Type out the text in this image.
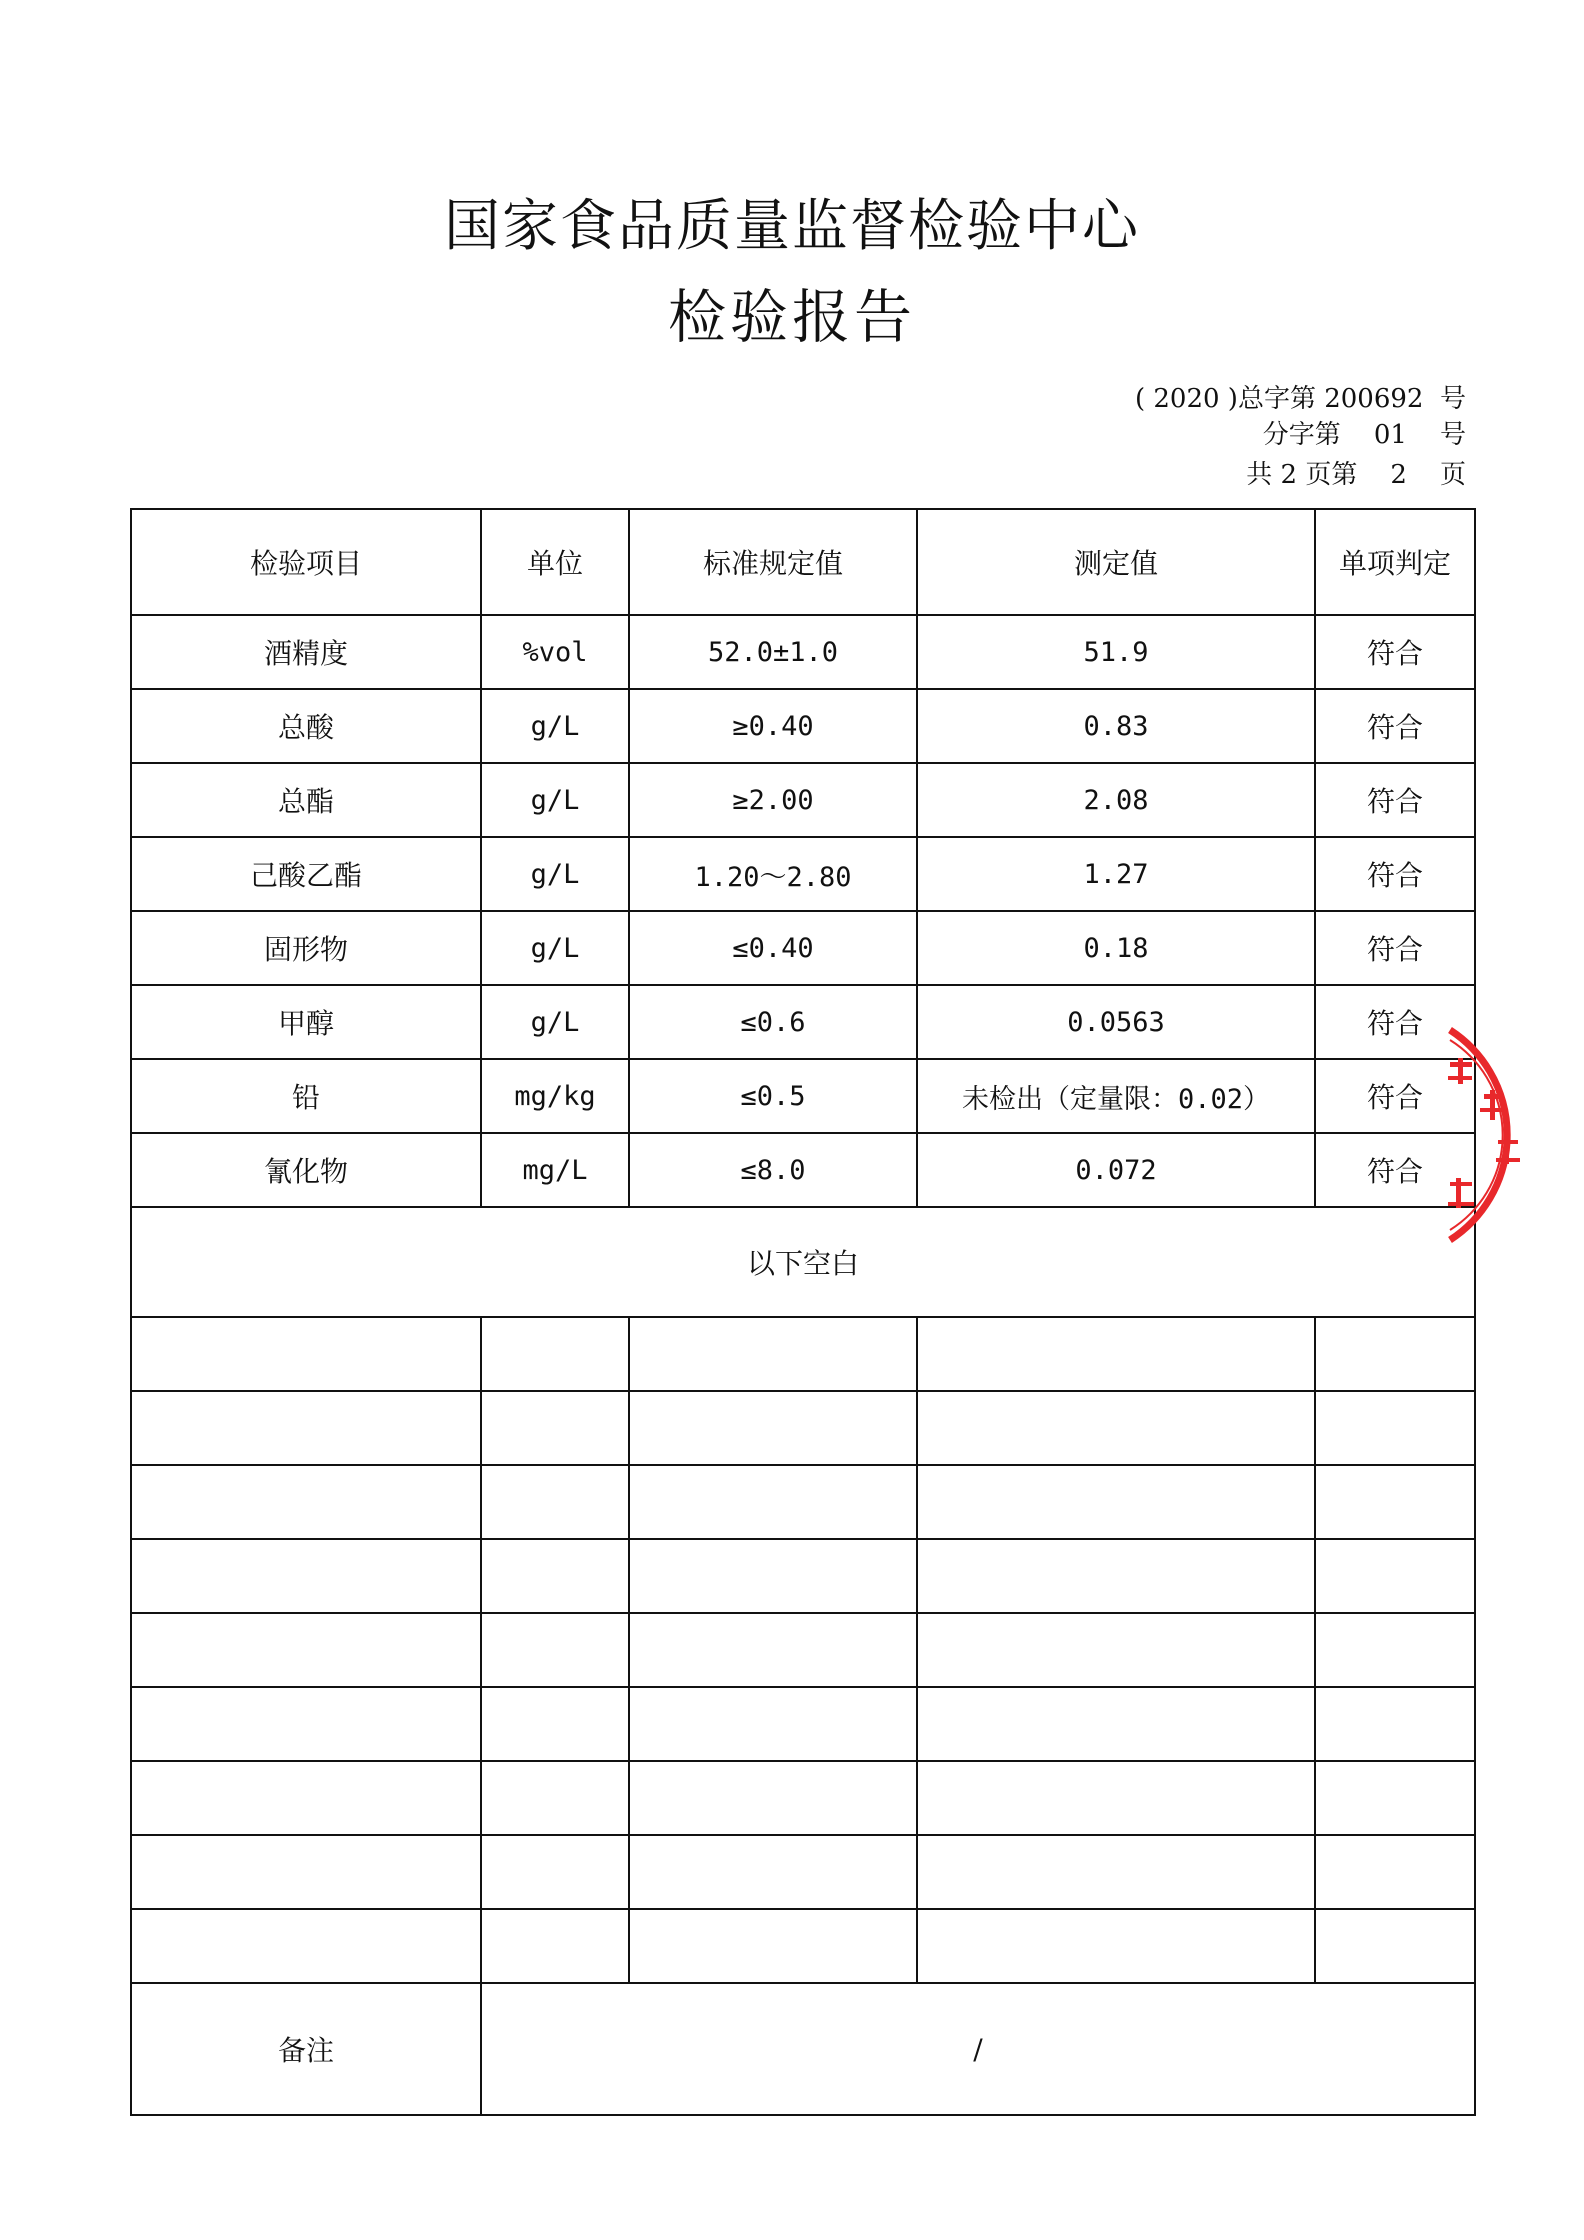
国家食品质量监督检验中心
检验报告
( 2020 )总字第 200692  号
分字第    01    号
共 2 页第    2    页
检验项目	单位	标准规定值	测定值	单项判定
酒精度	%vol	52.0±1.0	51.9	符合
总酸	g/L	≥0.40	0.83	符合
总酯	g/L	≥2.00	2.08	符合
己酸乙酯	g/L	1.20～2.80	1.27	符合
固形物	g/L	≤0.40	0.18	符合
甲醇	g/L	≤0.6	0.0563	符合
铅	mg/kg	≤0.5	未检出（定量限：0.02）	符合
氰化物	mg/L	≤8.0	0.072	符合
以下空白				

备注	/			
